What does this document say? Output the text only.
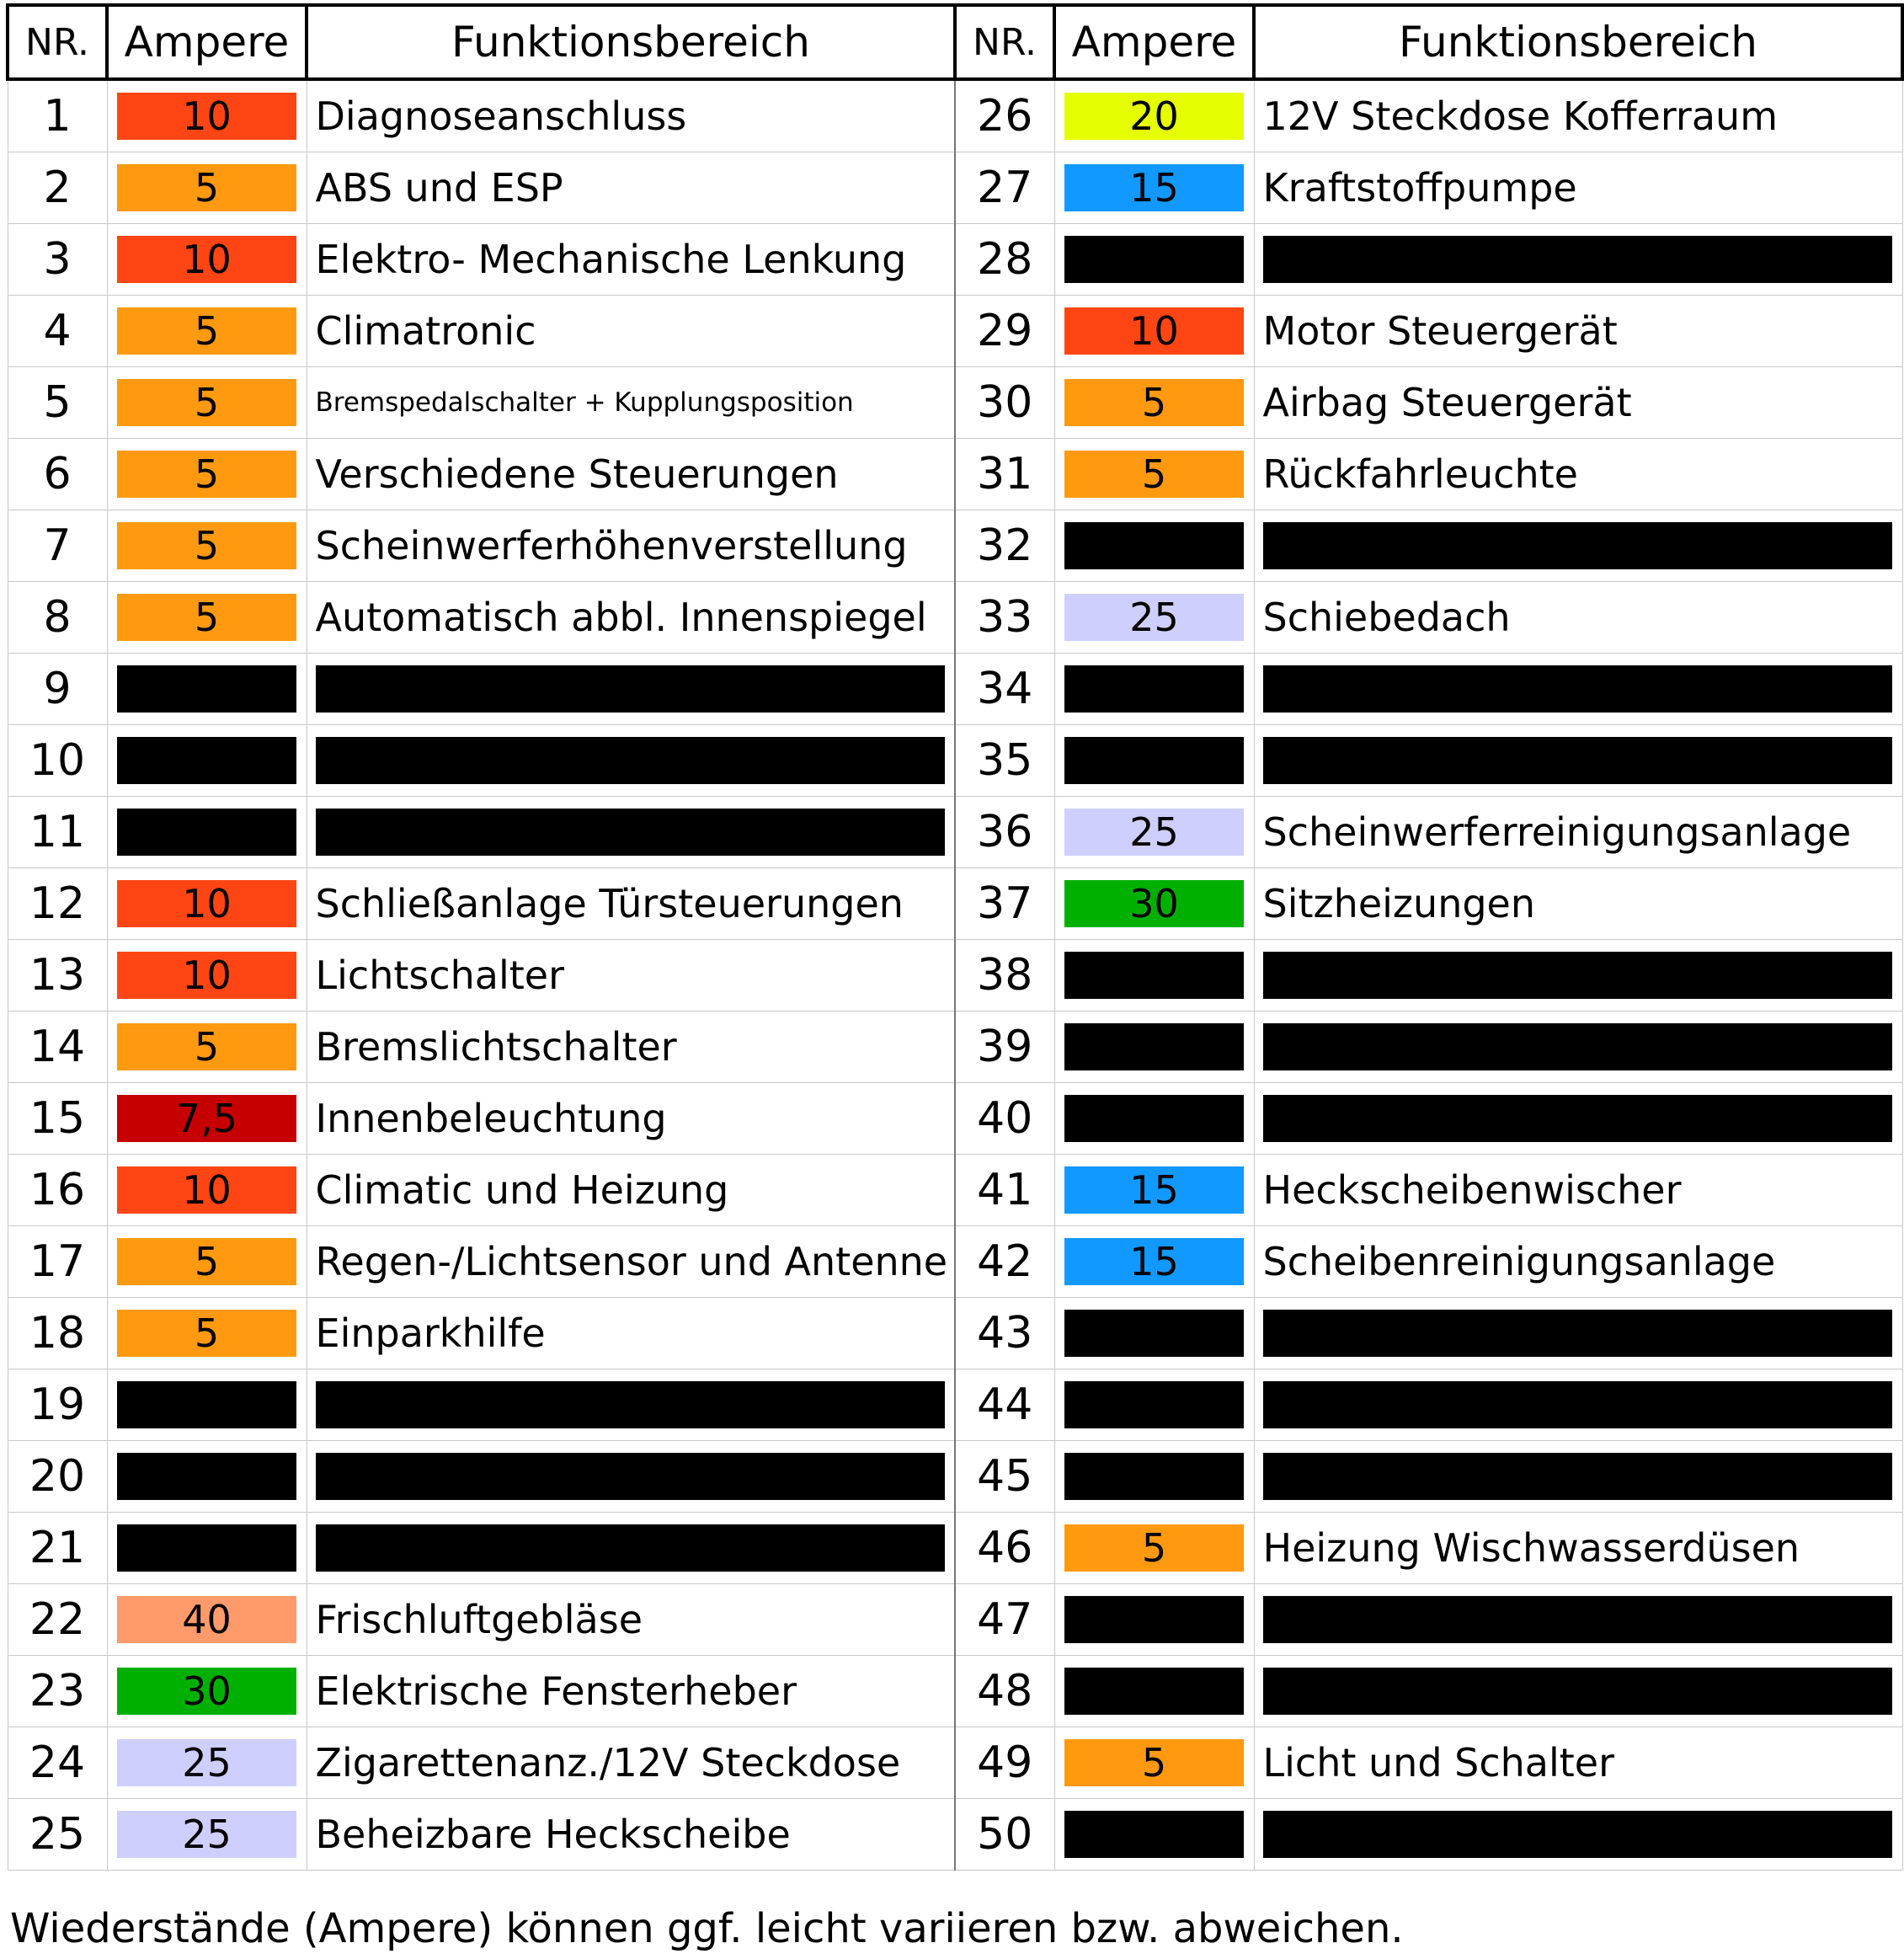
NR.	Ampere	Funktionsbereich	NR.	Ampere	Funktionsbereich
1	10	Diagnoseanschluss	26	20	12V Steckdose Kofferraum

2	5	ABS und ESP	27	15	Kraftstoffpumpe

3	10	Elektro- Mechanische Lenkung	28	

4	5	Climatronic	29	10	Motor Steuergerät

5	5	Bremspedalschalter + Kupplungsposition	30	5	Airbag Steuergerät

6	5	Verschiedene Steuerungen	31	5	Rückfahrleuchte

7	5	Scheinwerferhöhenverstellung	32	

8	5	Automatisch abbl. Innenspiegel	33	25	Schiebedach

9			34	

10			35	

11			36	25	Scheinwerferreinigungsanlage

12	10	Schließanlage Türsteuerungen	37	30	Sitzheizungen

13	10	Lichtschalter	38	

14	5	Bremslichtschalter	39	

15	7,5	Innenbeleuchtung	40	

16	10	Climatic und Heizung	41	15	Heckscheibenwischer

17	5	Regen-/Lichtsensor und Antenne	42	15	Scheibenreinigungsanlage

18	5	Einparkhilfe	43	

19			44	

20			45	

21			46	5	Heizung Wischwasserdüsen

22	40	Frischluftgebläse	47	

23	30	Elektrische Fensterheber	48	

24	25	Zigarettenanz./12V Steckdose	49	5	Licht und Schalter

25	25	Beheizbare Heckscheibe	50	

Wiederstände (Ampere) können ggf. leicht variieren bzw. abweichen.
